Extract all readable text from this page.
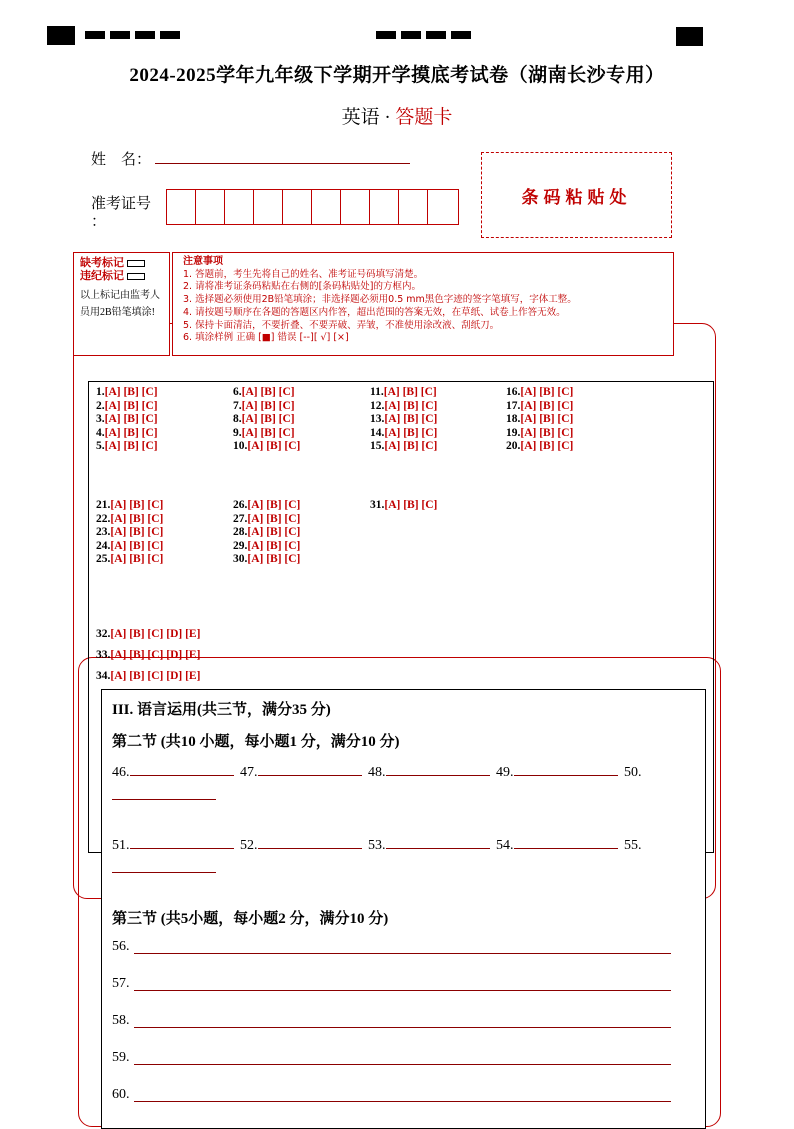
2024-2025学年九年级下学期开学摸底考试卷（湖南长沙专用）
英语 · 答题卡
姓    名：
准考证号
：
条码粘贴处
缺考标记
违纪标记
以上标记由监考人员用2B铅笔填涂!
注意事项
1. 答题前，考生先将自己的姓名、准考证号码填写清楚。
2. 请将准考证条码粘贴在右侧的[条码粘贴处]的方框内。
3. 选择题必须使用2B铅笔填涂；非选择题必须用0.5 mm黑色字迹的签字笔填写，字体工整。
4. 请按题号顺序在各题的答题区内作答，超出范围的答案无效，在草纸、试卷上作答无效。
5. 保持卡面清洁，不要折叠、不要弄破、弄皱，不准使用涂改液、刮纸刀。
6. 填涂样例 正确 [■] 错误 [--][ √] [×]
1.[A] [B] [C]
2.[A] [B] [C]
3.[A] [B] [C]
4.[A] [B] [C]
5.[A] [B] [C]
6.[A] [B] [C]
7.[A] [B] [C]
8.[A] [B] [C]
9.[A] [B] [C]
10.[A] [B] [C]
11.[A] [B] [C]
12.[A] [B] [C]
13.[A] [B] [C]
14.[A] [B] [C]
15.[A] [B] [C]
16.[A] [B] [C]
17.[A] [B] [C]
18.[A] [B] [C]
19.[A] [B] [C]
20.[A] [B] [C]
21.[A] [B] [C]
22.[A] [B] [C]
23.[A] [B] [C]
24.[A] [B] [C]
25.[A] [B] [C]
26.[A] [B] [C]
27.[A] [B] [C]
28.[A] [B] [C]
29.[A] [B] [C]
30.[A] [B] [C]
31.[A] [B] [C]
32.[A] [B] [C] [D] [E]
33.[A] [B] [C] [D] [E]
34.[A] [B] [C] [D] [E]
III. 语言运用(共三节，满分35 分)
第二节 (共10 小题，每小题1 分，满分10 分)
46.	47.	48.	49.	50.
51.	52.	53.	54.	55.
第三节 (共5小题，每小题2 分，满分10 分)
56.
57.
58.
59.
60.
